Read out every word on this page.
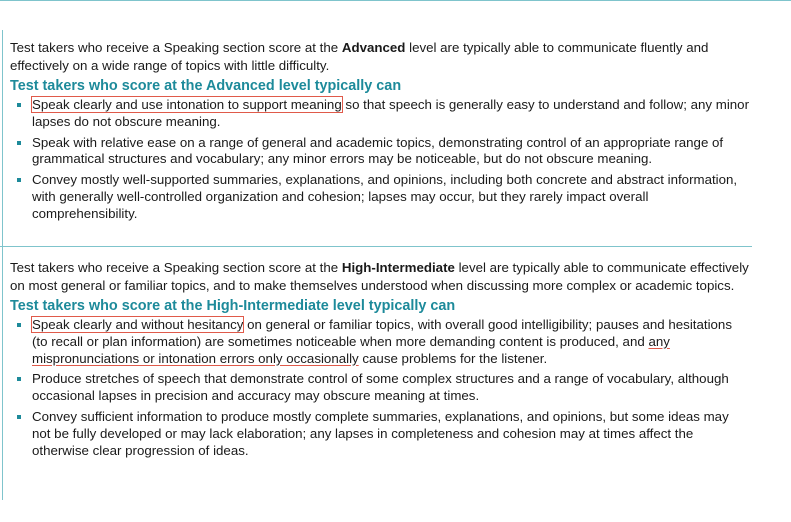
Test takers who receive a Speaking section score at the Advanced level are typically able to communicate fluently and effectively on a wide range of topics with little difficulty.

Test takers who score at the Advanced level typically can
Speak clearly and use intonation to support meaning so that speech is generally easy to understand and follow; any minor lapses do not obscure meaning.
Speak with relative ease on a range of general and academic topics, demonstrating control of an appropriate range of grammatical structures and vocabulary; any minor errors may be noticeable, but do not obscure meaning.
Convey mostly well-supported summaries, explanations, and opinions, including both concrete and abstract information, with generally well-controlled organization and cohesion; lapses may occur, but they rarely impact overall comprehensibility.

Test takers who receive a Speaking section score at the High-Intermediate level are typically able to communicate effectively on most general or familiar topics, and to make themselves understood when discussing more complex or academic topics.

Test takers who score at the High-Intermediate level typically can
Speak clearly and without hesitancy on general or familiar topics, with overall good intelligibility; pauses and hesitations (to recall or plan information) are sometimes noticeable when more demanding content is produced, and any mispronunciations or intonation errors only occasionally cause problems for the listener.
Produce stretches of speech that demonstrate control of some complex structures and a range of vocabulary, although occasional lapses in precision and accuracy may obscure meaning at times.
Convey sufficient information to produce mostly complete summaries, explanations, and opinions, but some ideas may not be fully developed or may lack elaboration; any lapses in completeness and cohesion may at times affect the otherwise clear progression of ideas.
